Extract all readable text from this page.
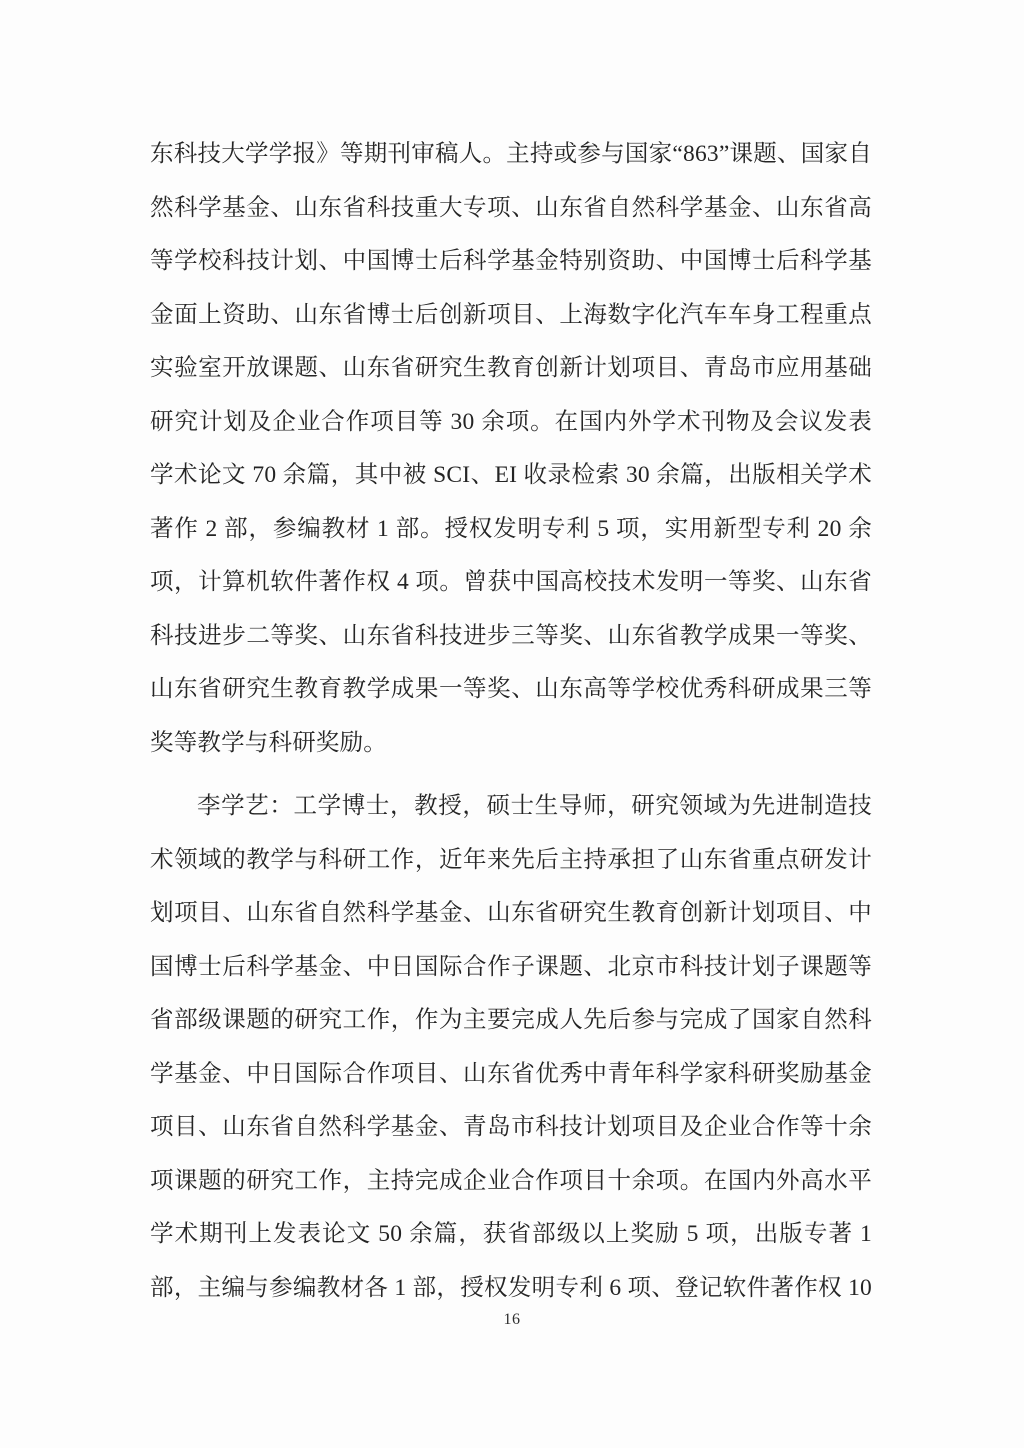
东科技大学学报》等期刊审稿人。主持或参与国家“863”课题、国家自
然科学基金、山东省科技重大专项、山东省自然科学基金、山东省高
等学校科技计划、中国博士后科学基金特别资助、中国博士后科学基
金面上资助、山东省博士后创新项目、上海数字化汽车车身工程重点
实验室开放课题、山东省研究生教育创新计划项目、青岛市应用基础
研究计划及企业合作项目等 30 余项。在国内外学术刊物及会议发表
学术论文 70 余篇，其中被 SCI、EI 收录检索 30 余篇，出版相关学术
著作 2 部，参编教材 1 部。授权发明专利 5 项，实用新型专利 20 余
项，计算机软件著作权 4 项。曾获中国高校技术发明一等奖、山东省
科技进步二等奖、山东省科技进步三等奖、山东省教学成果一等奖、
山东省研究生教育教学成果一等奖、山东高等学校优秀科研成果三等
奖等教学与科研奖励。
李学艺：工学博士，教授，硕士生导师，研究领域为先进制造技
术领域的教学与科研工作，近年来先后主持承担了山东省重点研发计
划项目、山东省自然科学基金、山东省研究生教育创新计划项目、中
国博士后科学基金、中日国际合作子课题、北京市科技计划子课题等
省部级课题的研究工作，作为主要完成人先后参与完成了国家自然科
学基金、中日国际合作项目、山东省优秀中青年科学家科研奖励基金
项目、山东省自然科学基金、青岛市科技计划项目及企业合作等十余
项课题的研究工作，主持完成企业合作项目十余项。在国内外高水平
学术期刊上发表论文 50 余篇，获省部级以上奖励 5 项，出版专著 1
部，主编与参编教材各 1 部，授权发明专利 6 项、登记软件著作权 10
16
